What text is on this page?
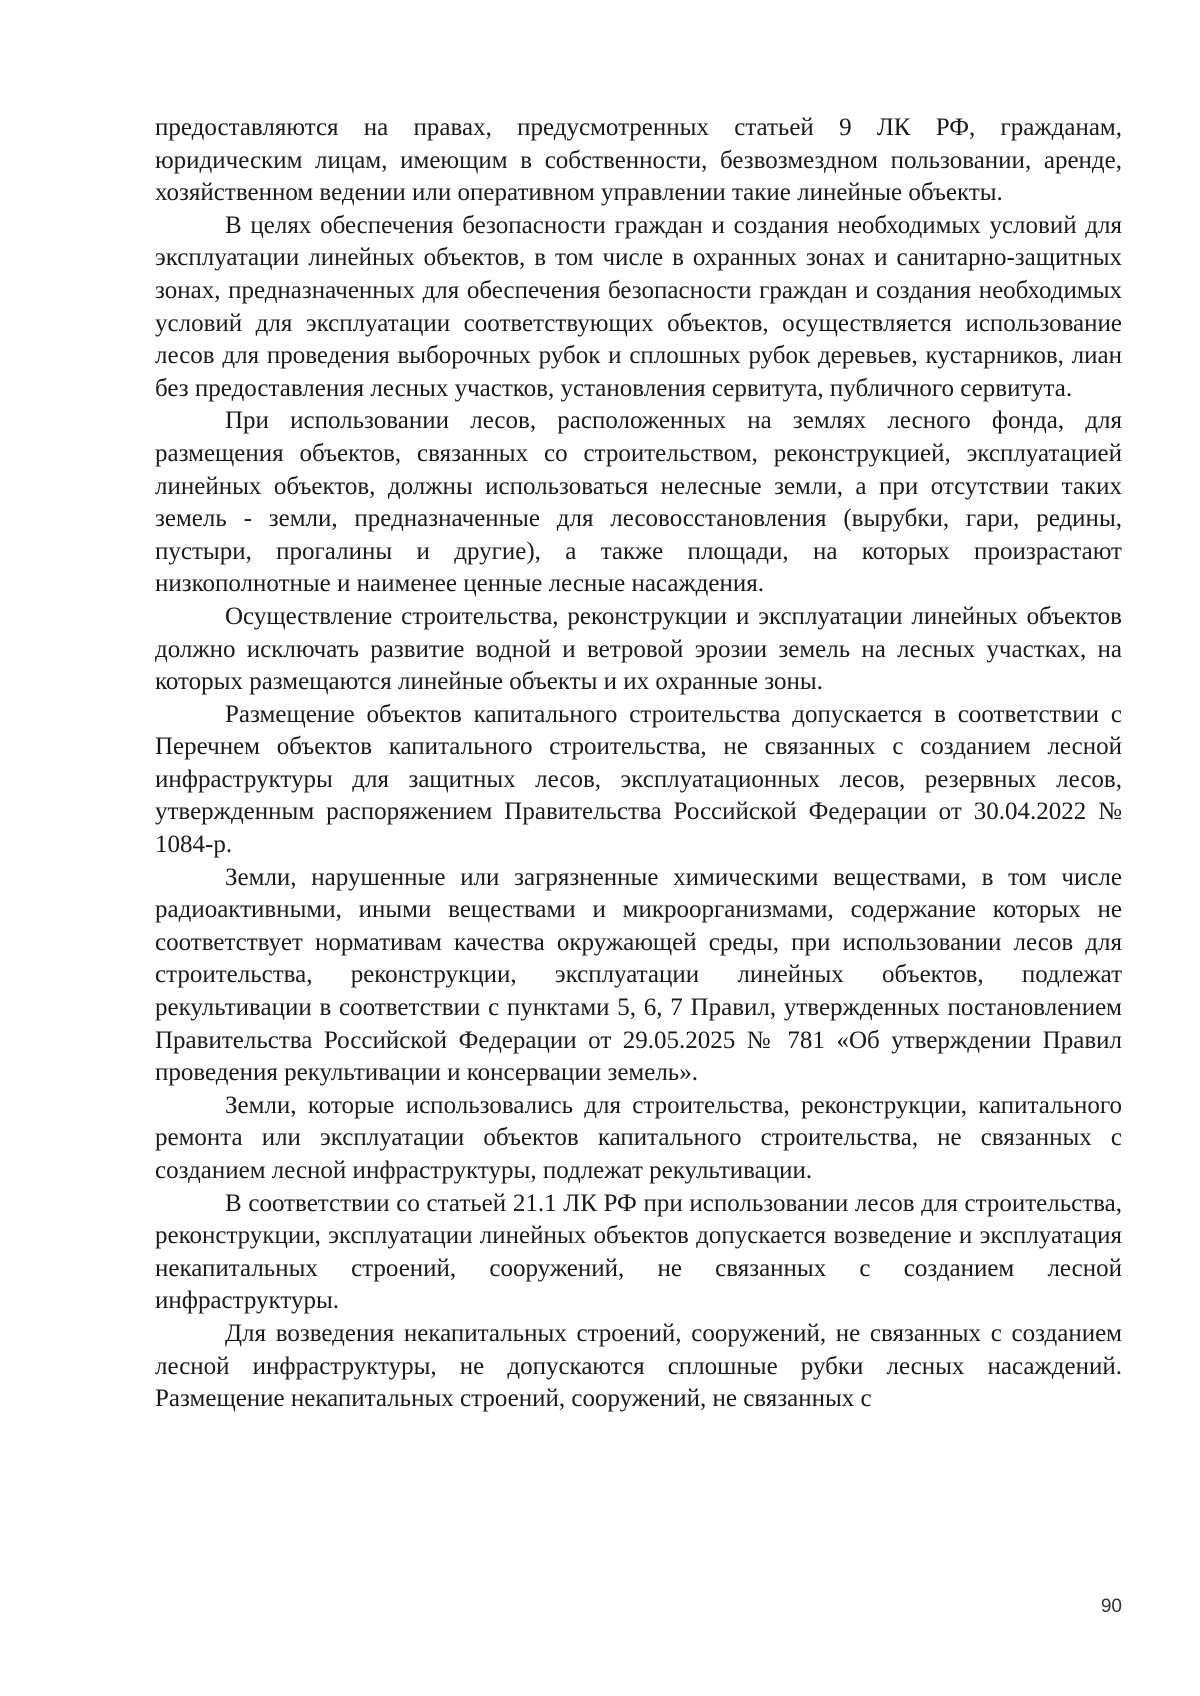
предоставляются на правах, предусмотренных статьей 9 ЛК РФ, гражданам, юридическим лицам, имеющим в собственности, безвозмездном пользовании, аренде, хозяйственном ведении или оперативном управлении такие линейные объекты.

В целях обеспечения безопасности граждан и создания необходимых условий для эксплуатации линейных объектов, в том числе в охранных зонах и санитарно-защитных зонах, предназначенных для обеспечения безопасности граждан и создания необходимых условий для эксплуатации соответствующих объектов, осуществляется использование лесов для проведения выборочных рубок и сплошных рубок деревьев, кустарников, лиан без предоставления лесных участков, установления сервитута, публичного сервитута.

При использовании лесов, расположенных на землях лесного фонда, для размещения объектов, связанных со строительством, реконструкцией, эксплуатацией линейных объектов, должны использоваться нелесные земли, а при отсутствии таких земель - земли, предназначенные для лесовосстановления (вырубки, гари, редины, пустыри, прогалины и другие), а также площади, на которых произрастают низкополнотные и наименее ценные лесные насаждения.

Осуществление строительства, реконструкции и эксплуатации линейных объектов должно исключать развитие водной и ветровой эрозии земель на лесных участках, на которых размещаются линейные объекты и их охранные зоны.

Размещение объектов капитального строительства допускается в соответствии с Перечнем объектов капитального строительства, не связанных с созданием лесной инфраструктуры для защитных лесов, эксплуатационных лесов, резервных лесов, утвержденным распоряжением Правительства Российской Федерации от 30.04.2022 № 1084-р.

Земли, нарушенные или загрязненные химическими веществами, в том числе радиоактивными, иными веществами и микроорганизмами, содержание которых не соответствует нормативам качества окружающей среды, при использовании лесов для строительства, реконструкции, эксплуатации линейных объектов, подлежат рекультивации в соответствии с пунктами 5, 6, 7 Правил, утвержденных постановлением Правительства Российской Федерации от 29.05.2025 № 781 «Об утверждении Правил проведения рекультивации и консервации земель».

Земли, которые использовались для строительства, реконструкции, капитального ремонта или эксплуатации объектов капитального строительства, не связанных с созданием лесной инфраструктуры, подлежат рекультивации.

В соответствии со статьей 21.1 ЛК РФ при использовании лесов для строительства, реконструкции, эксплуатации линейных объектов допускается возведение и эксплуатация некапитальных строений, сооружений, не связанных с созданием лесной инфраструктуры.

Для возведения некапитальных строений, сооружений, не связанных с созданием лесной инфраструктуры, не допускаются сплошные рубки лесных насаждений. Размещение некапитальных строений, сооружений, не связанных с

90
